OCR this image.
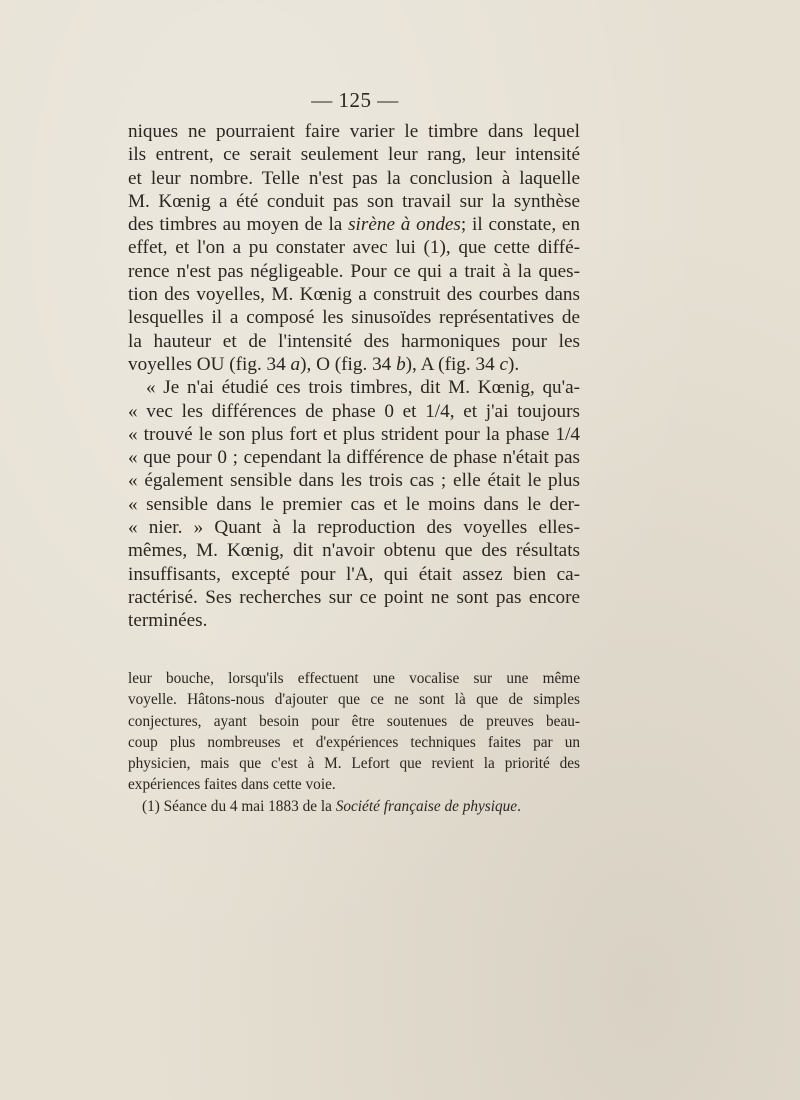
— 125 —
niques ne pourraient faire varier le timbre dans lequel
ils entrent, ce serait seulement leur rang, leur intensité
et leur nombre. Telle n'est pas la conclusion à laquelle
M. Kœnig a été conduit pas son travail sur la synthèse
des timbres au moyen de la sirène à ondes; il constate, en
effet, et l'on a pu constater avec lui (1), que cette diffé-
rence n'est pas négligeable. Pour ce qui a trait à la ques-
tion des voyelles, M. Kœnig a construit des courbes dans
lesquelles il a composé les sinusoïdes représentatives de
la hauteur et de l'intensité des harmoniques pour les
voyelles OU (fig. 34 a), O (fig. 34 b), A (fig. 34 c).
« Je n'ai étudié ces trois timbres, dit M. Kœnig, qu'a-
« vec les différences de phase 0 et 1/4, et j'ai toujours
« trouvé le son plus fort et plus strident pour la phase 1/4
« que pour 0 ; cependant la différence de phase n'était pas
« également sensible dans les trois cas ; elle était le plus
« sensible dans le premier cas et le moins dans le der-
« nier. » Quant à la reproduction des voyelles elles-
mêmes, M. Kœnig, dit n'avoir obtenu que des résultats
insuffisants, excepté pour l'A, qui était assez bien ca-
ractérisé. Ses recherches sur ce point ne sont pas encore
terminées.
leur bouche, lorsqu'ils effectuent une vocalise sur une même
voyelle. Hâtons-nous d'ajouter que ce ne sont là que de simples
conjectures, ayant besoin pour être soutenues de preuves beau-
coup plus nombreuses et d'expériences techniques faites par un
physicien, mais que c'est à M. Lefort que revient la priorité des
expériences faites dans cette voie.
(1) Séance du 4 mai 1883 de la Société française de physique.
